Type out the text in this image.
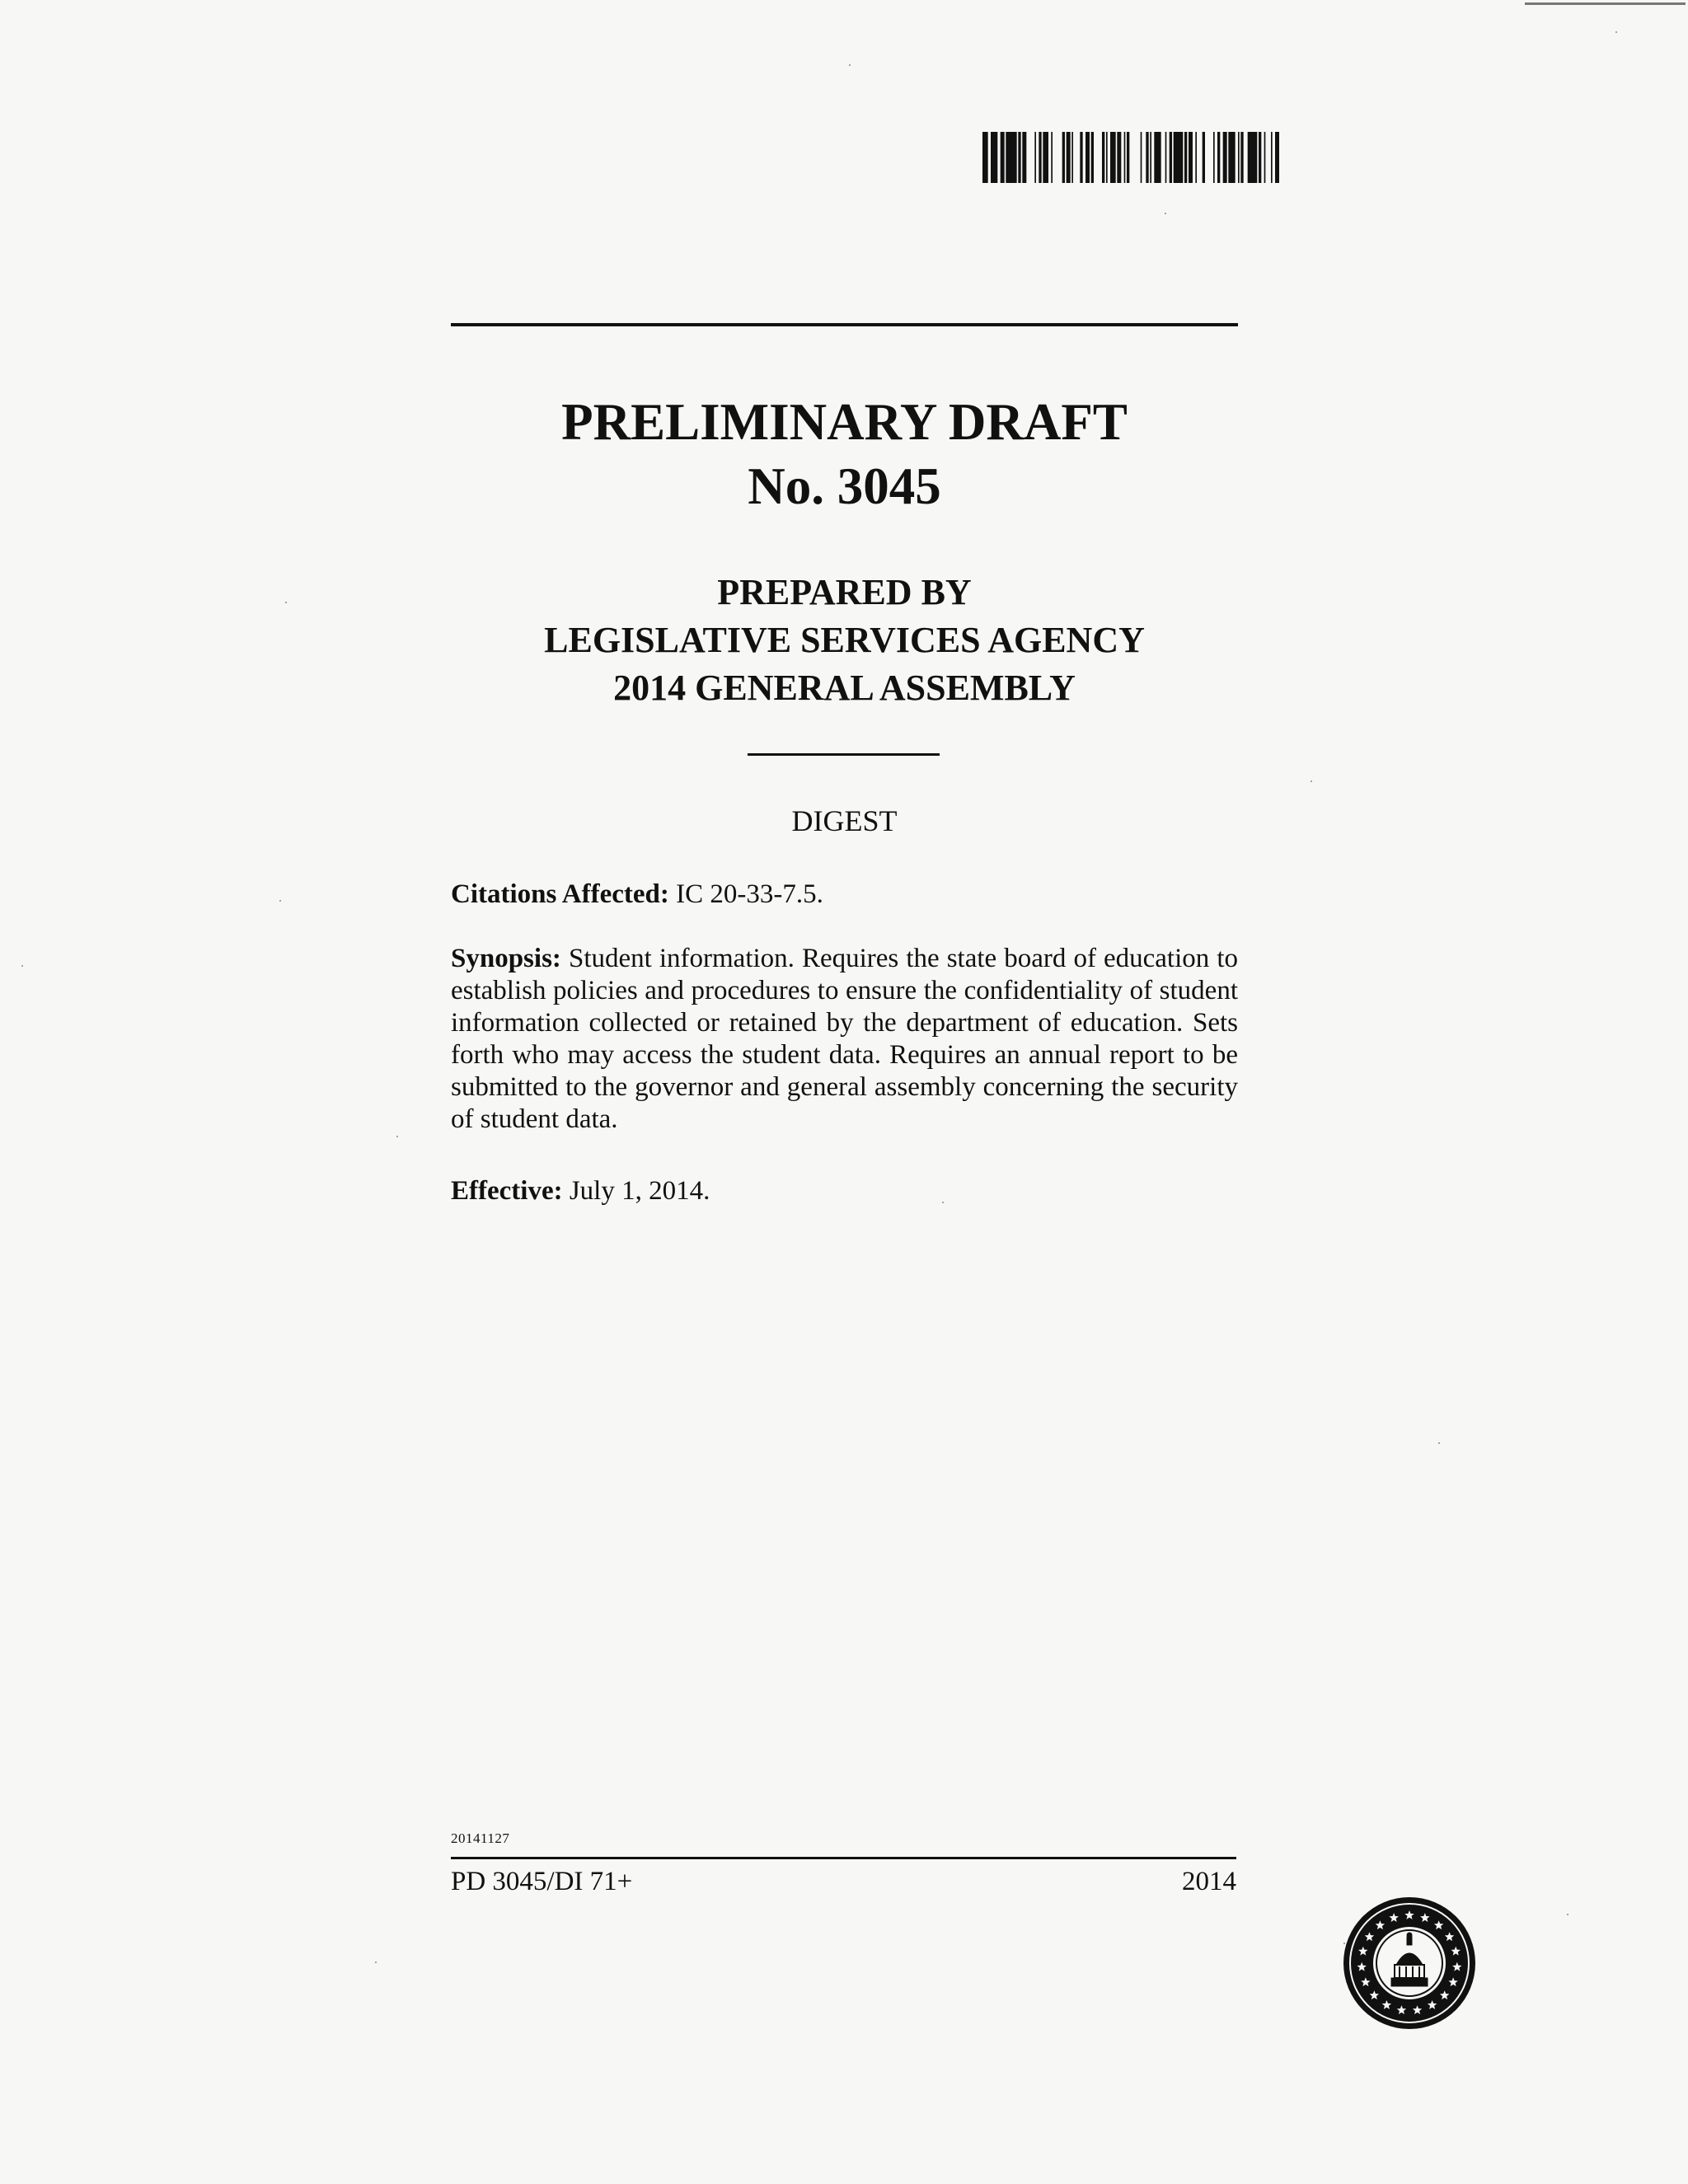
PRELIMINARY DRAFT
No. 3045
PREPARED BY
LEGISLATIVE SERVICES AGENCY
2014 GENERAL ASSEMBLY
DIGEST
Citations Affected: IC 20-33-7.5.
Synopsis: Student information. Requires the state board of education to establish policies and procedures to ensure the confidentiality of student information collected or retained by the department of education. Sets forth who may access the student data. Requires an annual report to be submitted to the governor and general assembly concerning the security of student data.
Effective: July 1, 2014.
20141127
PD 3045/DI 71+	2014
